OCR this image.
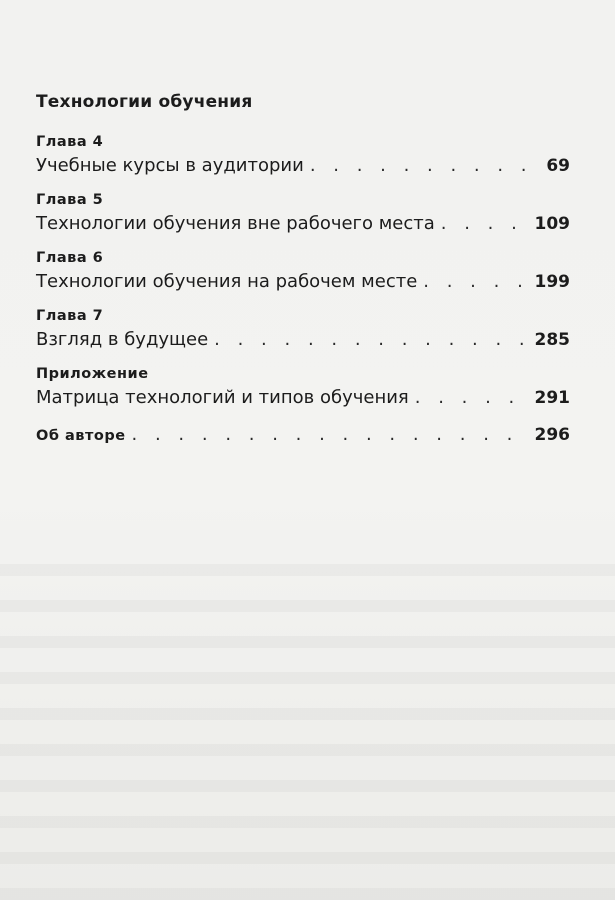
Технологии обучения
Глава 4
Учебные курсы в аудитории . . .	69
Глава 5
Технологии обучения вне рабочего места . . .	109
Глава 6
Технологии обучения на рабочем месте . . .	199
Глава 7
Взгляд в будущее . . .	285
Приложение
Матрица технологий и типов обучения . . .	291
Об авторе . . .	296
